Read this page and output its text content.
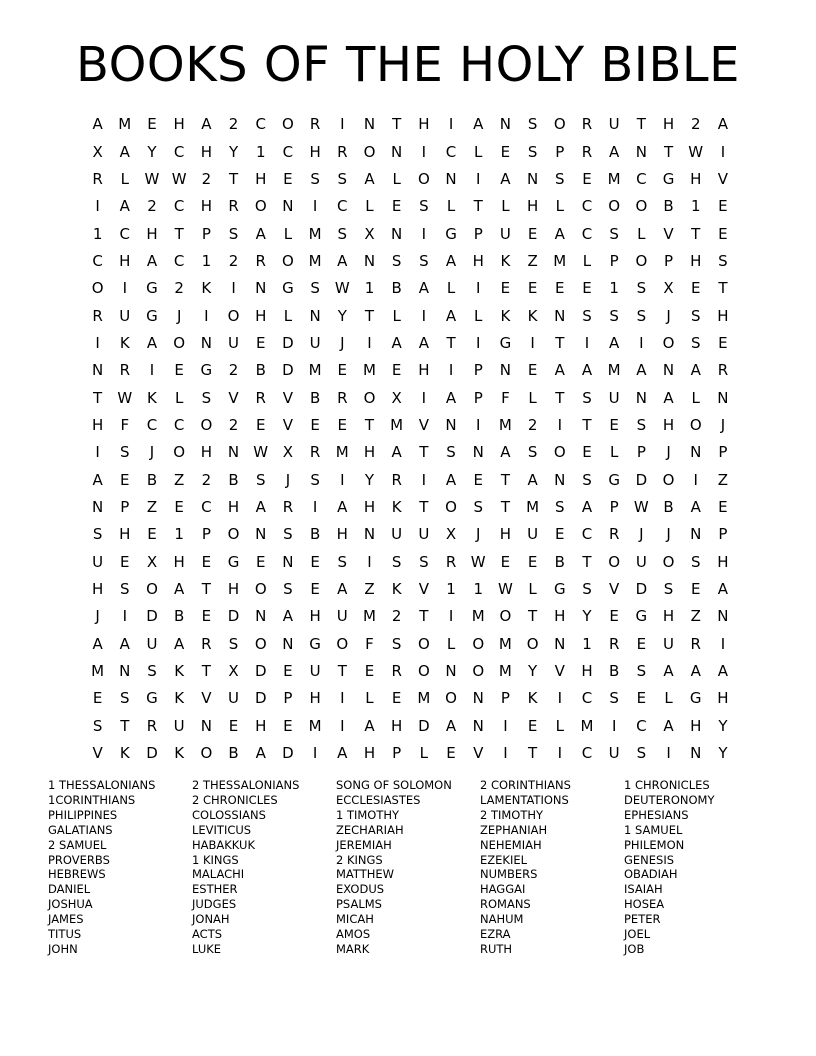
BOOKS OF THE HOLY BIBLE
A	M	E	H	A	2	C	O	R	I	N	T	H	I	A	N	S	O	R	U	T	H	2	A
X	A	Y	C	H	Y	1	C	H	R	O	N	I	C	L	E	S	P	R	A	N	T	W	I
R	L	W W 2	T	H	E	S	S	A	L	O	N	I	A	N	S	E	M	C	G	H	V
I	A	2	C	H	R	O	N	I	C	L	E	S	L	T	L	H	L	C	O	O	B	1	E
1	C	H	T	P	S	A	L	M	S	X	N	I	G	P	U	E	A	C	S	L	V	T	E
C	H	A	C	1	2	R	O M	A	N	S	S	A	H	K	Z	M	L	P	O	P	H	S
O	I	G	2	K	I	N	G	S	W 1	B	A	L	I	E	E	E	E	1	S	X	E	T
R	U	G	J	I	O	H	L	N	Y	T	L	I	A	L	K	K	N	S	S	S	J	S	H
I	K	A	O	N	U	E	D	U	J	I	A	A	T	I	G	I	T	I	A	I	O	S	E
N	R	I	E	G	2	B	D M	E	M	E	H	I	P	N	E	A	A	M	A	N	A	R
T	W K	L	S	V	R	V	B	R	O	X	I	A	P	F	L	T	S	U	N	A	L	N
H	F	C	C	O	2	E	V	E	E	T	M	V	N	I	M	2	I	T	E	S	H	O	J
I	S	J	O	H	N W X	R	M	H	A	T	S	N	A	S	O	E	L	P	J	N	P
A	E	B	Z	2	B	S	J	S	I	Y	R	I	A	E	T	A	N	S	G	D	O	I	Z
N	P	Z	E	C	H	A	R	I	A	H	K	T	O	S	T	M	S	A	P	W B	A	E
S	H	E	1	P	O	N	S	B	H	N	U	U	X	J	H	U	E	C	R	J	J	N	P
U	E	X	H	E	G	E	N	E	S	I	S	S	R W	E	E	B	T	O	U	O	S	H
H	S	O	A	T	H	O	S	E	A	Z	K	V	1	1	W	L	G	S	V	D	S	E	A
J	I	D	B	E	D	N	A	H	U	M	2	T	I	M O	T	H	Y	E	G	H	Z	N
A	A	U	A	R	S	O	N	G	O	F	S	O	L	O M O	N	1	R	E	U	R	I
M	N	S	K	T	X	D	E	U	T	E	R	O	N	O M	Y	V	H	B	S	A	A	A
E	S	G	K	V	U	D	P	H	I	L	E	M O	N	P	K	I	C	S	E	L	G	H
S	T	R	U	N	E	H	E	M	I	A	H	D	A	N	I	E	L	M	I	C	A	H	Y
V	K	D	K	O	B	A	D	I	A	H	P	L	E	V	I	T	I	C	U	S	I	N	Y
1 THESSALONIANS
1CORINTHIANS
PHILIPPINES
GALATIANS
2 SAMUEL
PROVERBS
HEBREWS
DANIEL
JOSHUA
JAMES
TITUS
JOHN
2 THESSALONIANS
2 CHRONICLES
COLOSSIANS
LEVITICUS
HABAKKUK
1 KINGS
MALACHI
ESTHER
JUDGES
JONAH
ACTS
LUKE
SONG OF SOLOMON
ECCLESIASTES
1 TIMOTHY
ZECHARIAH
JEREMIAH
2 KINGS
MATTHEW
EXODUS
PSALMS
MICAH
AMOS
MARK
2 CORINTHIANS
LAMENTATIONS
2 TIMOTHY
ZEPHANIAH
NEHEMIAH
EZEKIEL
NUMBERS
HAGGAI
ROMANS
NAHUM
EZRA
RUTH
1 CHRONICLES
DEUTERONOMY
EPHESIANS
1 SAMUEL
PHILEMON
GENESIS
OBADIAH
ISAIAH
HOSEA
PETER
JOEL
JOB
